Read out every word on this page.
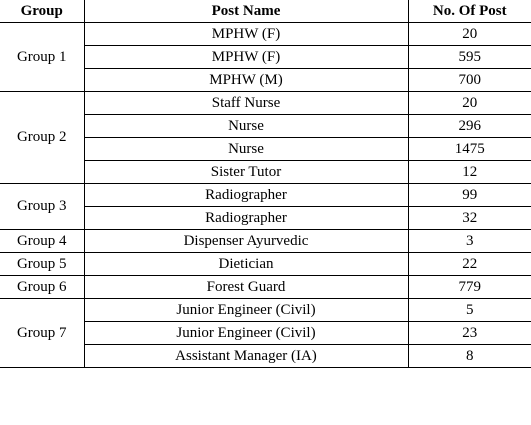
Group	Post Name	No. Of Post
Group 1	MPHW (F)	20
	MPHW (F)	595
	MPHW (M)	700
Group 2	Staff Nurse	20
	Nurse	296
	Nurse	1475
	Sister Tutor	12
Group 3	Radiographer	99
	Radiographer	32
Group 4	Dispenser Ayurvedic	3
Group 5	Dietician	22
Group 6	Forest Guard	779
Group 7	Junior Engineer (Civil)	5
	Junior Engineer (Civil)	23
	Assistant Manager (IA)	8
